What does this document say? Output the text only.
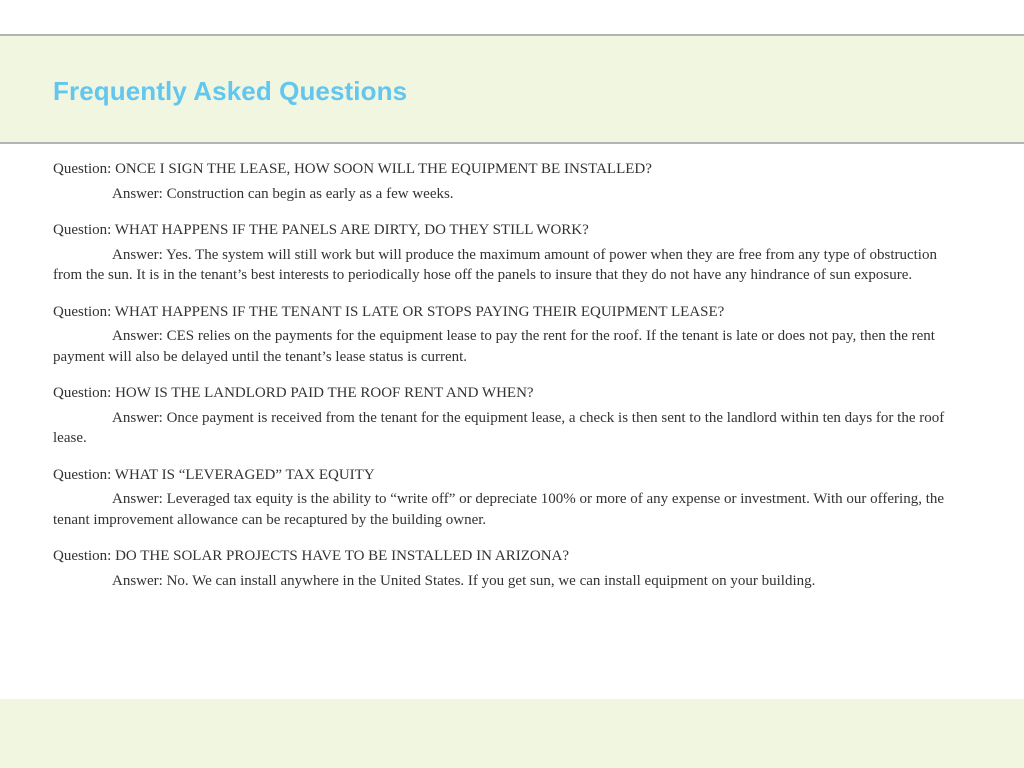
Frequently Asked Questions

Question: ONCE I SIGN THE LEASE, HOW SOON WILL THE EQUIPMENT BE INSTALLED?

Answer: Construction can begin as early as a few weeks.

Question: WHAT HAPPENS IF THE PANELS ARE DIRTY, DO THEY STILL WORK?

Answer: Yes. The system will still work but will produce the maximum amount of power when they are free from any type of obstruction from the sun. It is in the tenant’s best interests to periodically hose off the panels to insure that they do not have any hindrance of sun exposure.

Question: WHAT HAPPENS IF THE TENANT IS LATE OR STOPS PAYING THEIR EQUIPMENT LEASE?

Answer: CES relies on the payments for the equipment lease to pay the rent for the roof. If the tenant is late or does not pay, then the rent payment will also be delayed until the tenant’s lease status is current.

Question: HOW IS THE LANDLORD PAID THE ROOF RENT AND WHEN?

Answer: Once payment is received from the tenant for the equipment lease, a check is then sent to the landlord within ten days for the roof lease.

Question: WHAT IS “LEVERAGED” TAX EQUITY

Answer: Leveraged tax equity is the ability to “write off” or depreciate 100% or more of any expense or investment. With our offering, the tenant improvement allowance can be recaptured by the building owner.

Question: DO THE SOLAR PROJECTS HAVE TO BE INSTALLED IN ARIZONA?

Answer: No. We can install anywhere in the United States. If you get sun, we can install equipment on your building.
